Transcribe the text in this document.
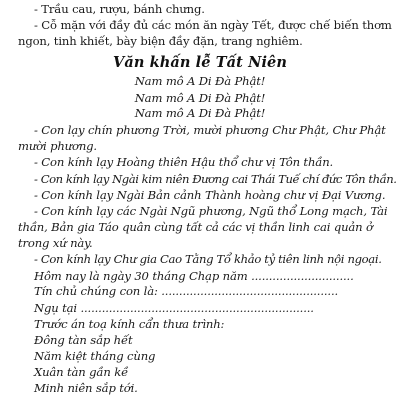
- Trầu cau, rượu, bánh chưng.

- Cỗ mặn với đầy đủ các món ăn ngày Tết, được chế biến thơm

ngon, tinh khiết, bày biện đầy đặn, trang nghiêm.

Văn khấn lễ Tất Niên

Nam mô A Di Đà Phật!

Nam mô A Di Đà Phật!

Nam mô A Di Đà Phật!

- Con lạy chín phương Trời, mười phương Chư Phật, Chư Phật

mười phương.

- Con kính lạy Hoàng thiên Hậu thổ chư vị Tôn thần.

- Con kính lạy Ngài kim niên Đương cai Thái Tuế chí đức Tôn thần.

- Con kính lạy Ngài Bản cảnh Thành hoàng chư vị Đại Vương.

- Con kính lạy các Ngài Ngũ phương, Ngũ thổ Long mạch, Tài

thần, Bản gia Táo quân cùng tất cả các vị thần linh cai quản ở

trong xứ này.

- Con kính lạy Chư gia Cao Tằng Tổ khảo tỷ tiên linh nội ngoại.

Hôm nay là ngày 30 tháng Chạp năm .............................

Tín chủ chúng con là: ..................................................

Ngụ tại ..................................................................

Trước án toạ kính cẩn thưa trình:

Đông tàn sắp hết

Năm kiệt tháng cùng

Xuân tàn gần kề

Minh niên sắp tới.
